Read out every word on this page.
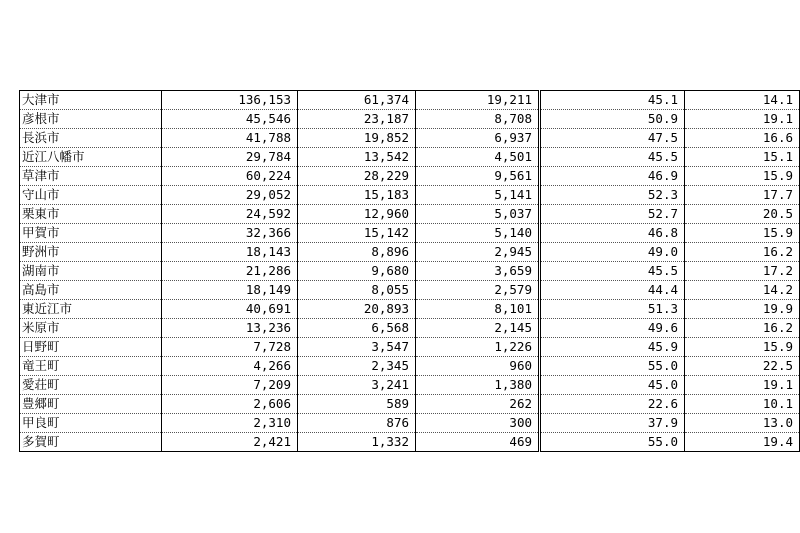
大津市	136,153	61,374	19,211	45.1	14.1
彦根市	45,546	23,187	8,708	50.9	19.1
長浜市	41,788	19,852	6,937	47.5	16.6
近江八幡市	29,784	13,542	4,501	45.5	15.1
草津市	60,224	28,229	9,561	46.9	15.9
守山市	29,052	15,183	5,141	52.3	17.7
栗東市	24,592	12,960	5,037	52.7	20.5
甲賀市	32,366	15,142	5,140	46.8	15.9
野洲市	18,143	8,896	2,945	49.0	16.2
湖南市	21,286	9,680	3,659	45.5	17.2
高島市	18,149	8,055	2,579	44.4	14.2
東近江市	40,691	20,893	8,101	51.3	19.9
米原市	13,236	6,568	2,145	49.6	16.2
日野町	7,728	3,547	1,226	45.9	15.9
竜王町	4,266	2,345	960	55.0	22.5
愛荘町	7,209	3,241	1,380	45.0	19.1
豊郷町	2,606	589	262	22.6	10.1
甲良町	2,310	876	300	37.9	13.0
多賀町	2,421	1,332	469	55.0	19.4
